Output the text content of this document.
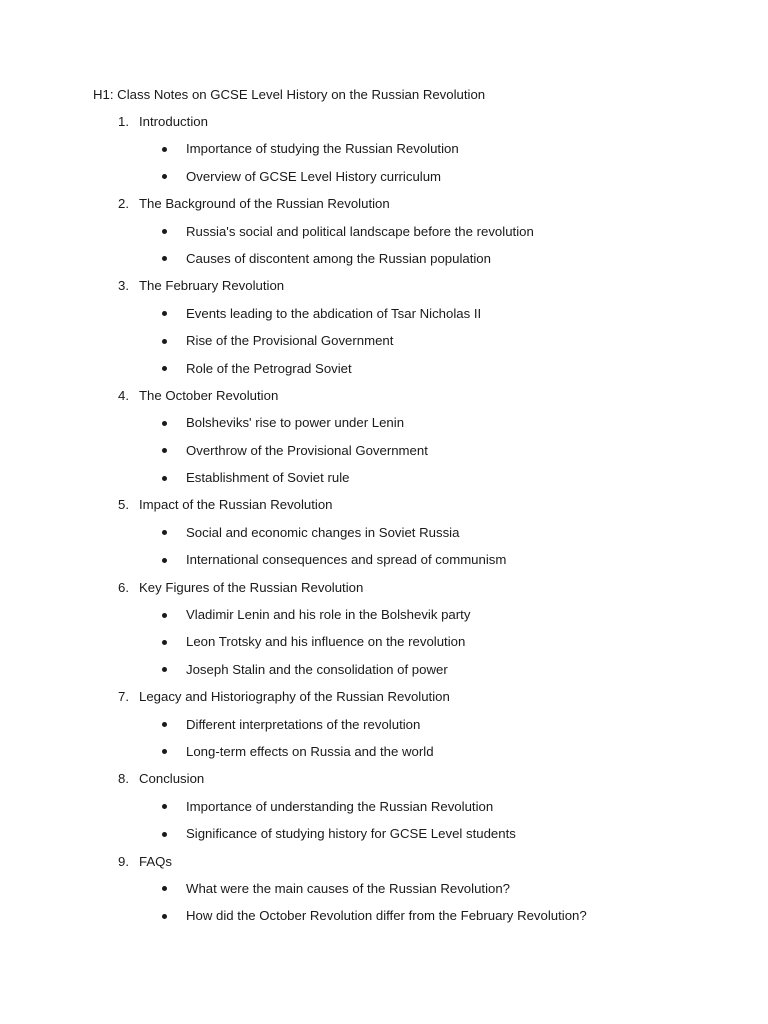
H1: Class Notes on GCSE Level History on the Russian Revolution
1. Introduction
Importance of studying the Russian Revolution
Overview of GCSE Level History curriculum
2. The Background of the Russian Revolution
Russia's social and political landscape before the revolution
Causes of discontent among the Russian population
3. The February Revolution
Events leading to the abdication of Tsar Nicholas II
Rise of the Provisional Government
Role of the Petrograd Soviet
4. The October Revolution
Bolsheviks' rise to power under Lenin
Overthrow of the Provisional Government
Establishment of Soviet rule
5. Impact of the Russian Revolution
Social and economic changes in Soviet Russia
International consequences and spread of communism
6. Key Figures of the Russian Revolution
Vladimir Lenin and his role in the Bolshevik party
Leon Trotsky and his influence on the revolution
Joseph Stalin and the consolidation of power
7. Legacy and Historiography of the Russian Revolution
Different interpretations of the revolution
Long-term effects on Russia and the world
8. Conclusion
Importance of understanding the Russian Revolution
Significance of studying history for GCSE Level students
9. FAQs
What were the main causes of the Russian Revolution?
How did the October Revolution differ from the February Revolution?
